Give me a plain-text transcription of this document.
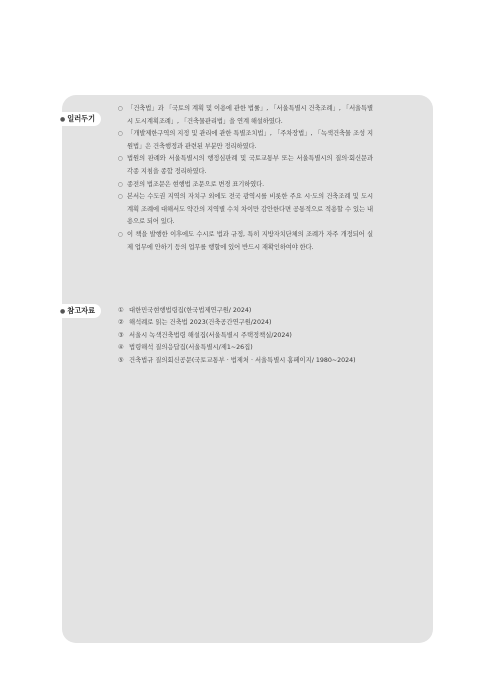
● 일러두기
○ 「건축법」과 「국토의 계획 및 이용에 관한 법률」, 「서울특별시 건축조례」, 「서울특별시 도시계획조례」, 「건축물관리법」을 연계 해설하였다.
○ 「개발제한구역의 지정 및 관리에 관한 특별조치법」, 「주차장법」, 「녹색건축물 조성 지원법」은 건축행정과 관련된 부분만 정리하였다.
○ 법원의 판례와 서울특별시의 행정심판례 및 국토교통부 또는 서울특별시의 질의·회신문과 각종 지침을 종합 정리하였다.
○ 종전의 법조문은 현행법 조문으로 변경 표기하였다.
○ 본서는 수도권 지역의 자치구 외에도 전국 광역시를 비롯한 주요 시·도의 건축조례 및 도시계획 조례에 대해서도 약간의 지역별 수치 차이만 감안한다면 공통적으로 적용할 수 있는 내용으로 되어 있다.
○ 이 책을 발행한 이후에도 수시로 법과 규정, 특히 지방자치단체의 조례가 자주 개정되어 실제 업무에 안하기 등의 업무를 행할에 있어 반드시 재확인하여야 한다.
● 참고자료	① 대한민국현행법령집(한국법제연구원/ 2024)
② 해석례로 읽는 건축법 2023(건축공간연구원/2024)
③ 서울시 녹색건축법령 해설집(서울특별시 주택정책실/2024)
④ 법령해석 질의응답집(서울특별시/제1~26집)
⑤ 건축법규 질의회신공문(국토교통부 · 법제처 · 서울특별시 홈페이지/ 1980~2024)
